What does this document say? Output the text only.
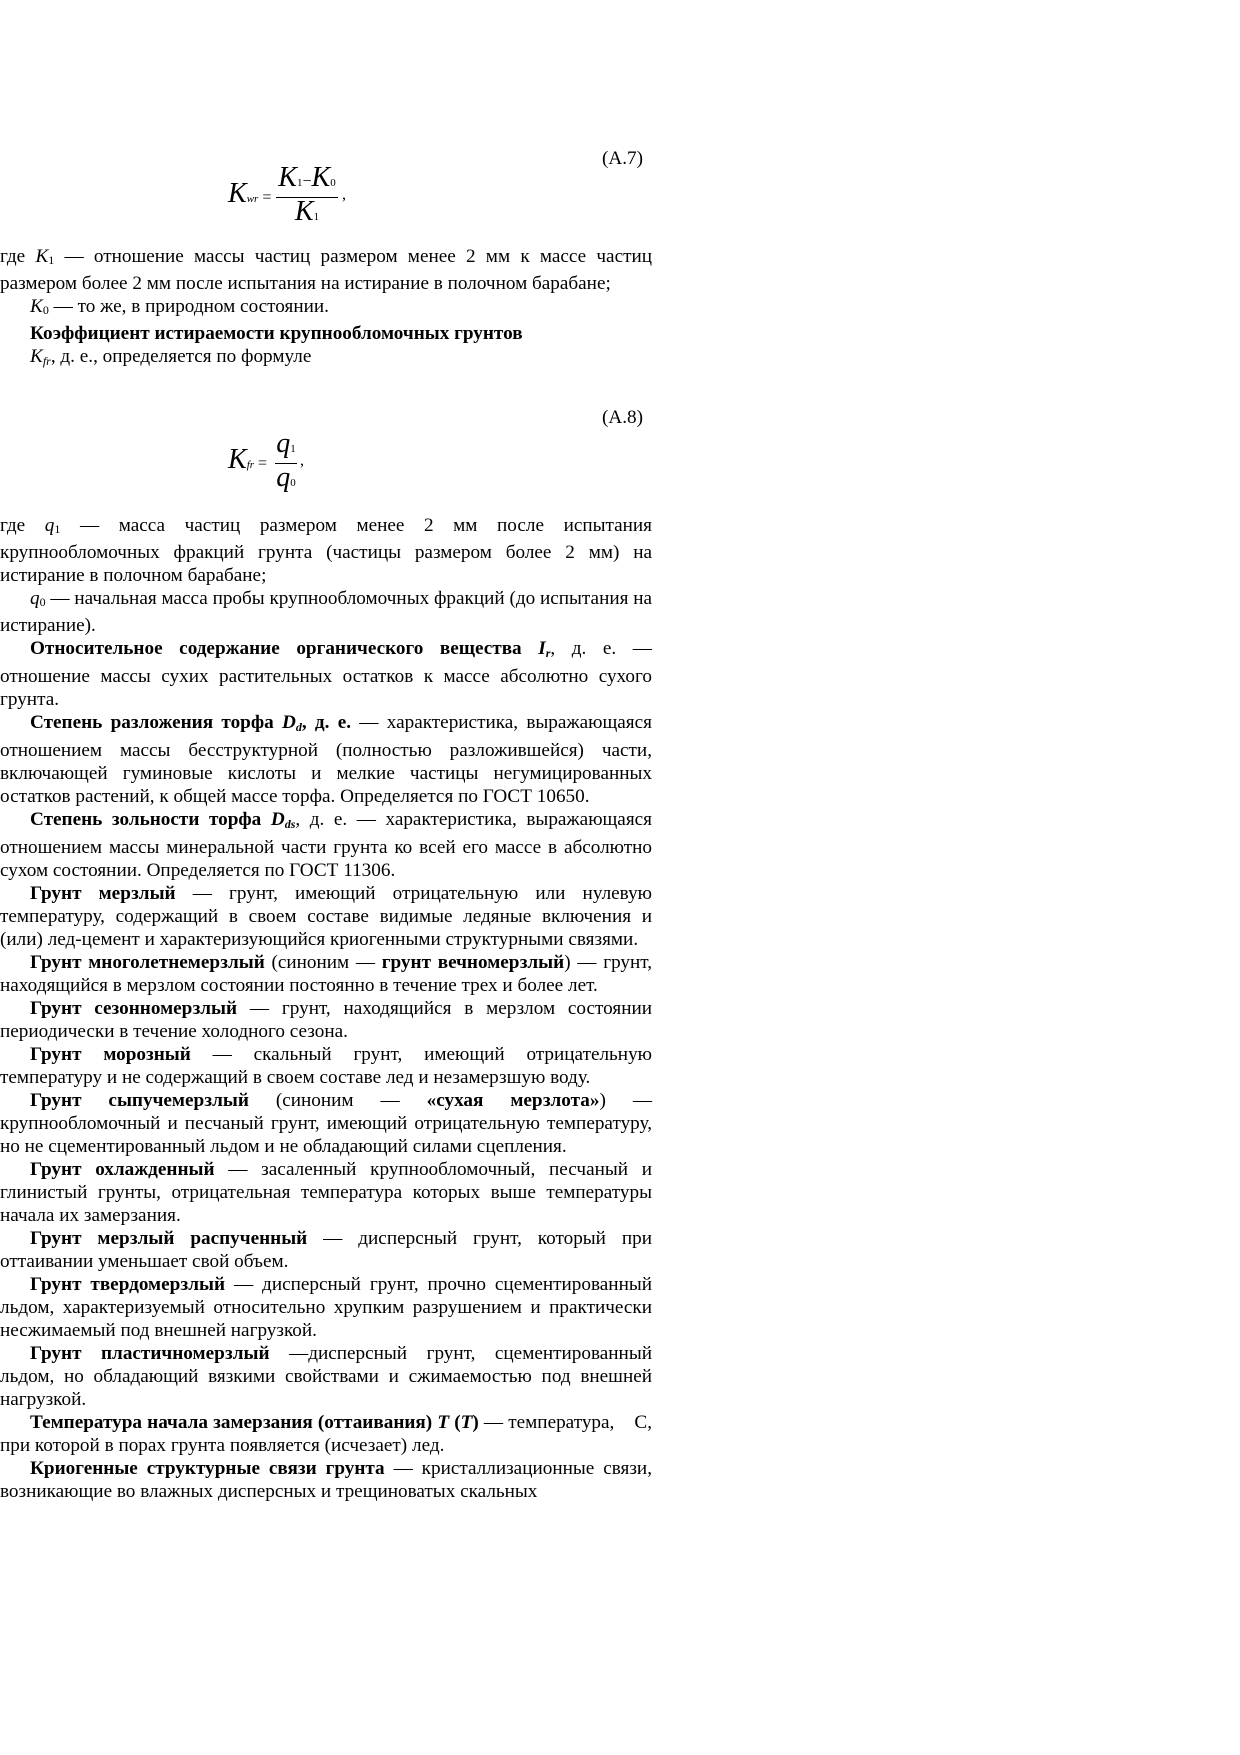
(A.7)
Kwr =
K1−K0
K1
,

где K1 — отношение массы частиц размером менее 2 мм к массе частиц размером более 2 мм после испытания на истирание в полочном барабане;

K0 — то же, в природном состоянии.

Коэффициент истираемости крупнообломочных грунтов

Kfr, д. е., определяется по формуле

(A.8)
Kfr =
q1
q0
,

где q1 — масса частиц размером менее 2 мм после испытания крупнообломочных фракций грунта (частицы размером более 2 мм) на истирание в полочном барабане;

q0 — начальная масса пробы крупнообломочных фракций (до испытания на истирание).

Относительное содержание органического вещества Ir, д. е. — отношение массы сухих растительных остатков к массе абсолютно сухого грунта.

Степень разложения торфа Dd, д. е. — характеристика, выражающаяся отношением массы бесструктурной (полностью разложившейся) части, включающей гуминовые кислоты и мелкие частицы негумицированных остатков растений, к общей массе торфа. Определяется по ГОСТ 10650.

Степень зольности торфа Dds, д. е. — характеристика, выражающаяся отношением массы минеральной части грунта ко всей его массе в абсолютно сухом состоянии. Определяется по ГОСТ 11306.

Грунт мерзлый — грунт, имеющий отрицательную или нулевую температуру, содержащий в своем составе видимые ледяные включения и (или) лед-цемент и характеризующийся криогенными структурными связями.

Грунт многолетнемерзлый (синоним — грунт вечномерзлый) — грунт, находящийся в мерзлом состоянии постоянно в течение трех и более лет.

Грунт сезонномерзлый — грунт, находящийся в мерзлом состоянии периодически в течение холодного сезона.

Грунт морозный — скальный грунт, имеющий отрицательную температуру и не содержащий в своем составе лед и незамерзшую воду.

Грунт сыпучемерзлый (синоним — «сухая мерзлота») — крупнообломочный и песчаный грунт, имеющий отрицательную температуру, но не сцементированный льдом и не обладающий силами сцепления.

Грунт охлажденный — засаленный крупнообломочный, песчаный и глинистый грунты, отрицательная температура которых выше температуры начала их замерзания.

Грунт мерзлый распученный — дисперсный грунт, который при оттаивании уменьшает свой объем.

Грунт твердомерзлый — дисперсный грунт, прочно сцементированный льдом, характеризуемый относительно хрупким разрушением и практически несжимаемый под внешней нагрузкой.

Грунт пластичномерзлый —дисперсный грунт, сцементированный льдом, но обладающий вязкими свойствами и сжимаемостью под внешней нагрузкой.

Температура начала замерзания (оттаивания) T (T) — температура,  С, при которой в порах грунта появляется (исчезает) лед.

Криогенные структурные связи грунта — кристаллизационные связи, возникающие во влажных дисперсных и трещиноватых скальных
